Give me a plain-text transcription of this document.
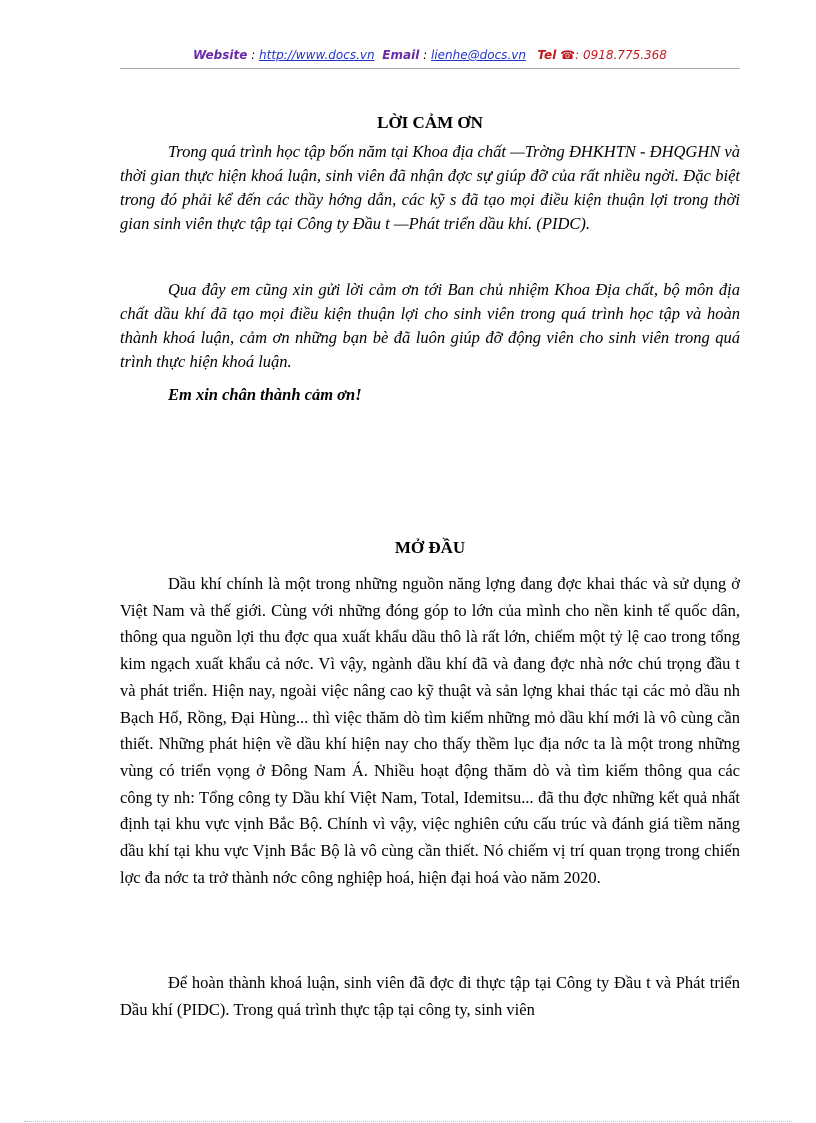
Website : http://www.docs.vn Email : lienhe@docs.vn Tel ☎: 0918.775.368
LỜI CẢM ƠN

Trong quá trình học tập bốn năm tại Khoa địa chất —Trờng ĐHKHTN - ĐHQGHN và thời gian thực hiện khoá luận, sinh viên đã nhận đợc sự giúp đỡ của rất nhiều ngời. Đặc biệt trong đó phải kể đến các thầy hớng dẫn, các kỹ s đã tạo mọi điều kiện thuận lợi trong thời gian sinh viên thực tập tại Công ty Đầu t —Phát triển dầu khí. (PIDC).

Qua đây em cũng xin gửi lời cảm ơn tới Ban chủ nhiệm Khoa Địa chất, bộ môn địa chất dầu khí đã tạo mọi điều kiện thuận lợi cho sinh viên trong quá trình học tập và hoàn thành khoá luận, cảm ơn những bạn bè đã luôn giúp đỡ động viên cho sinh viên trong quá trình thực hiện khoá luận.

Em xin chân thành cảm ơn!

MỞ ĐẦU

Dầu khí chính là một trong những nguồn năng lợng đang đợc khai thác và sử dụng ở Việt Nam và thế giới. Cùng với những đóng góp to lớn của mình cho nền kinh tế quốc dân, thông qua nguồn lợi thu đợc qua xuất khẩu dầu thô là rất lớn, chiếm một tỷ lệ cao trong tổng kim ngạch xuất khẩu cả nớc. Vì vậy, ngành dầu khí đã và đang đợc nhà nớc chú trọng đầu t và phát triển. Hiện nay, ngoài việc nâng cao kỹ thuật và sản lợng khai thác tại các mỏ dầu nh Bạch Hổ, Rồng, Đại Hùng... thì việc thăm dò tìm kiếm những mỏ dầu khí mới là vô cùng cần thiết. Những phát hiện về dầu khí hiện nay cho thấy thềm lục địa nớc ta là một trong những vùng có triển vọng ở Đông Nam Á. Nhiều hoạt động thăm dò và tìm kiếm thông qua các công ty nh: Tổng công ty Dầu khí Việt Nam, Total, Idemitsu... đã thu đợc những kết quả nhất định tại khu vực vịnh Bắc Bộ. Chính vì vậy, việc nghiên cứu cấu trúc và đánh giá tiềm năng dầu khí tại khu vực Vịnh Bắc Bộ là vô cùng cần thiết. Nó chiếm vị trí quan trọng trong chiến lợc đa nớc ta trở thành nớc công nghiệp hoá, hiện đại hoá vào năm 2020.

Để hoàn thành khoá luận, sinh viên đã đợc đi thực tập tại Công ty Đầu t và Phát triển Dầu khí (PIDC). Trong quá trình thực tập tại công ty, sinh viên
